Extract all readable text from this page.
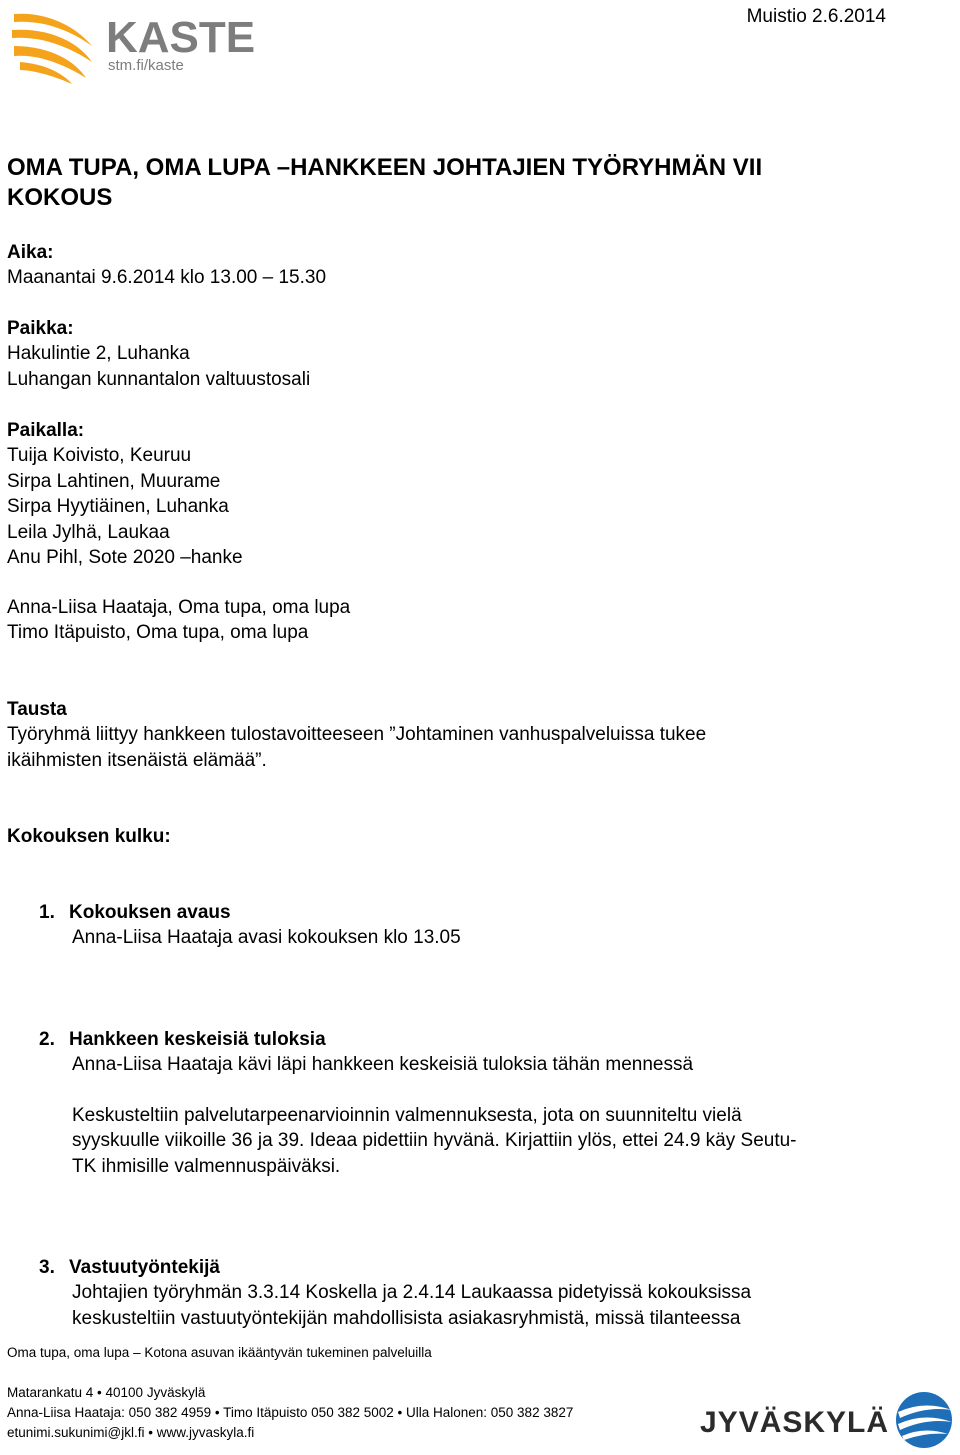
KASTE
stm.fi/kaste
Muistio 2.6.2014
OMA TUPA, OMA LUPA –HANKKEEN JOHTAJIEN TYÖRYHMÄN VII
KOKOUS
Aika:
Maanantai 9.6.2014 klo 13.00 – 15.30
Paikka:
Hakulintie 2, Luhanka
Luhangan kunnantalon valtuustosali
Paikalla:
Tuija Koivisto, Keuruu
Sirpa Lahtinen, Muurame
Sirpa Hyytiäinen, Luhanka
Leila Jylhä, Laukaa
Anu Pihl, Sote 2020 –hanke
Anna-Liisa Haataja, Oma tupa, oma lupa
Timo Itäpuisto, Oma tupa, oma lupa
Tausta
Työryhmä liittyy hankkeen tulostavoitteeseen ”Johtaminen vanhuspalveluissa tukee
ikäihmisten itsenäistä elämää”.
Kokouksen kulku:
1. Kokouksen avaus
Anna-Liisa Haataja avasi kokouksen klo 13.05
2. Hankkeen keskeisiä tuloksia
Anna-Liisa Haataja kävi läpi hankkeen keskeisiä tuloksia tähän mennessä
Keskusteltiin palvelutarpeenarvioinnin valmennuksesta, jota on suunniteltu vielä
syyskuulle viikoille 36 ja 39. Ideaa pidettiin hyvänä. Kirjattiin ylös, ettei 24.9 käy Seutu-
TK ihmisille valmennuspäiväksi.
3. Vastuutyöntekijä
Johtajien työryhmän 3.3.14 Koskella ja 2.4.14 Laukaassa pidetyissä kokouksissa
keskusteltiin vastuutyöntekijän mahdollisista asiakasryhmistä, missä tilanteessa
Oma tupa, oma lupa – Kotona asuvan ikääntyvän tukeminen palveluilla
Matarankatu 4 • 40100 Jyväskylä
Anna-Liisa Haataja: 050 382 4959 • Timo Itäpuisto 050 382 5002 • Ulla Halonen: 050 382 3827
etunimi.sukunimi@jkl.fi • www.jyvaskyla.fi	JYVÄSKYLÄ
